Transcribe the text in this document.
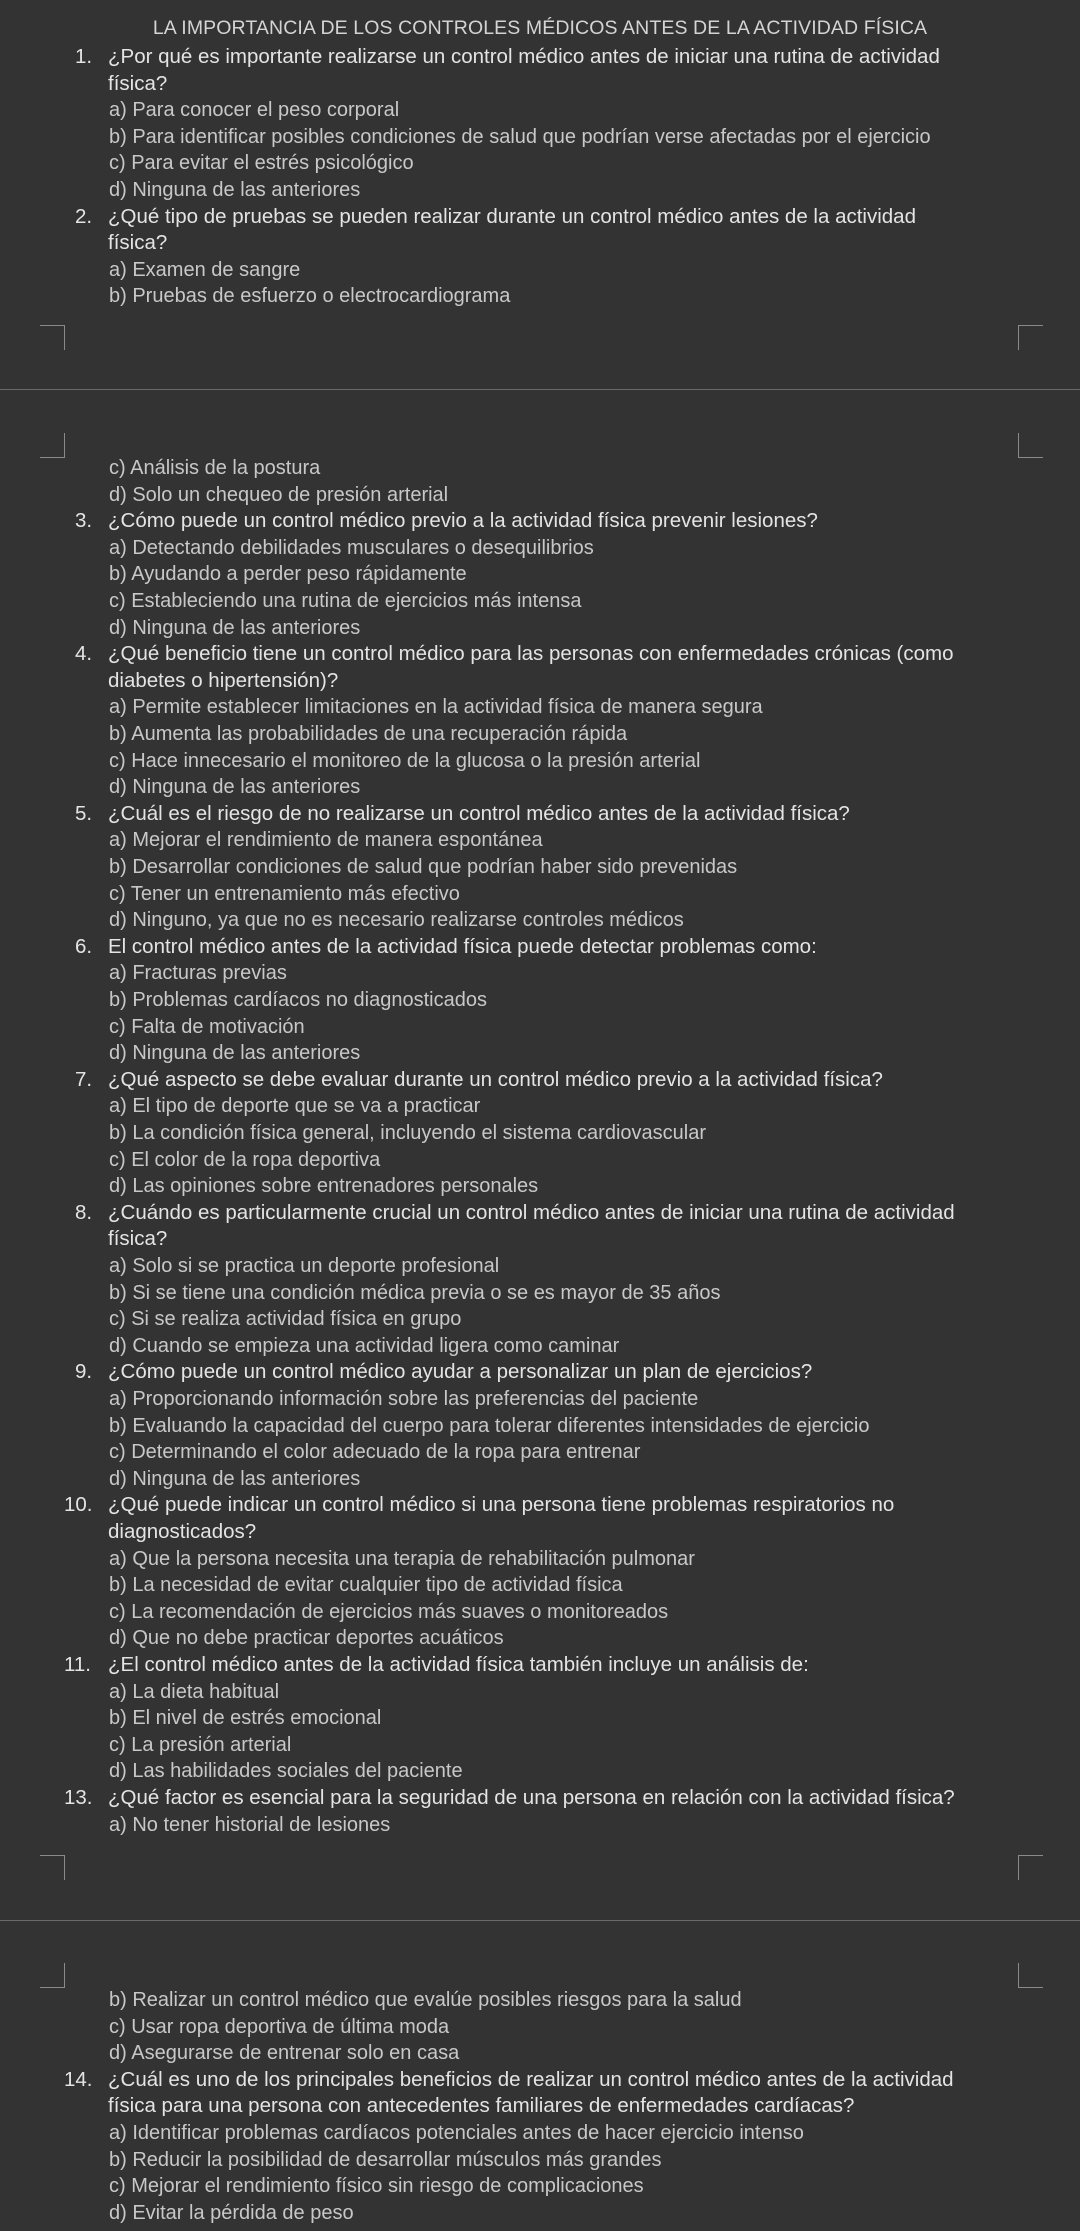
LA IMPORTANCIA DE LOS CONTROLES MÉDICOS ANTES DE LA ACTIVIDAD FÍSICA
1. ¿Por qué es importante realizarse un control médico antes de iniciar una rutina de actividad
física?
a) Para conocer el peso corporal
b) Para identificar posibles condiciones de salud que podrían verse afectadas por el ejercicio
c) Para evitar el estrés psicológico
d) Ninguna de las anteriores
2. ¿Qué tipo de pruebas se pueden realizar durante un control médico antes de la actividad
física?
a) Examen de sangre
b) Pruebas de esfuerzo o electrocardiograma
c) Análisis de la postura
d) Solo un chequeo de presión arterial
3. ¿Cómo puede un control médico previo a la actividad física prevenir lesiones?
a) Detectando debilidades musculares o desequilibrios
b) Ayudando a perder peso rápidamente
c) Estableciendo una rutina de ejercicios más intensa
d) Ninguna de las anteriores
4. ¿Qué beneficio tiene un control médico para las personas con enfermedades crónicas (como
diabetes o hipertensión)?
a) Permite establecer limitaciones en la actividad física de manera segura
b) Aumenta las probabilidades de una recuperación rápida
c) Hace innecesario el monitoreo de la glucosa o la presión arterial
d) Ninguna de las anteriores
5. ¿Cuál es el riesgo de no realizarse un control médico antes de la actividad física?
a) Mejorar el rendimiento de manera espontánea
b) Desarrollar condiciones de salud que podrían haber sido prevenidas
c) Tener un entrenamiento más efectivo
d) Ninguno, ya que no es necesario realizarse controles médicos
6. El control médico antes de la actividad física puede detectar problemas como:
a) Fracturas previas
b) Problemas cardíacos no diagnosticados
c) Falta de motivación
d) Ninguna de las anteriores
7. ¿Qué aspecto se debe evaluar durante un control médico previo a la actividad física?
a) El tipo de deporte que se va a practicar
b) La condición física general, incluyendo el sistema cardiovascular
c) El color de la ropa deportiva
d) Las opiniones sobre entrenadores personales
8. ¿Cuándo es particularmente crucial un control médico antes de iniciar una rutina de actividad
física?
a) Solo si se practica un deporte profesional
b) Si se tiene una condición médica previa o se es mayor de 35 años
c) Si se realiza actividad física en grupo
d) Cuando se empieza una actividad ligera como caminar
9. ¿Cómo puede un control médico ayudar a personalizar un plan de ejercicios?
a) Proporcionando información sobre las preferencias del paciente
b) Evaluando la capacidad del cuerpo para tolerar diferentes intensidades de ejercicio
c) Determinando el color adecuado de la ropa para entrenar
d) Ninguna de las anteriores
10. ¿Qué puede indicar un control médico si una persona tiene problemas respiratorios no
diagnosticados?
a) Que la persona necesita una terapia de rehabilitación pulmonar
b) La necesidad de evitar cualquier tipo de actividad física
c) La recomendación de ejercicios más suaves o monitoreados
d) Que no debe practicar deportes acuáticos
11. ¿El control médico antes de la actividad física también incluye un análisis de:
a) La dieta habitual
b) El nivel de estrés emocional
c) La presión arterial
d) Las habilidades sociales del paciente
13. ¿Qué factor es esencial para la seguridad de una persona en relación con la actividad física?
a) No tener historial de lesiones
b) Realizar un control médico que evalúe posibles riesgos para la salud
c) Usar ropa deportiva de última moda
d) Asegurarse de entrenar solo en casa
14. ¿Cuál es uno de los principales beneficios de realizar un control médico antes de la actividad
física para una persona con antecedentes familiares de enfermedades cardíacas?
a) Identificar problemas cardíacos potenciales antes de hacer ejercicio intenso
b) Reducir la posibilidad de desarrollar músculos más grandes
c) Mejorar el rendimiento físico sin riesgo de complicaciones
d) Evitar la pérdida de peso
